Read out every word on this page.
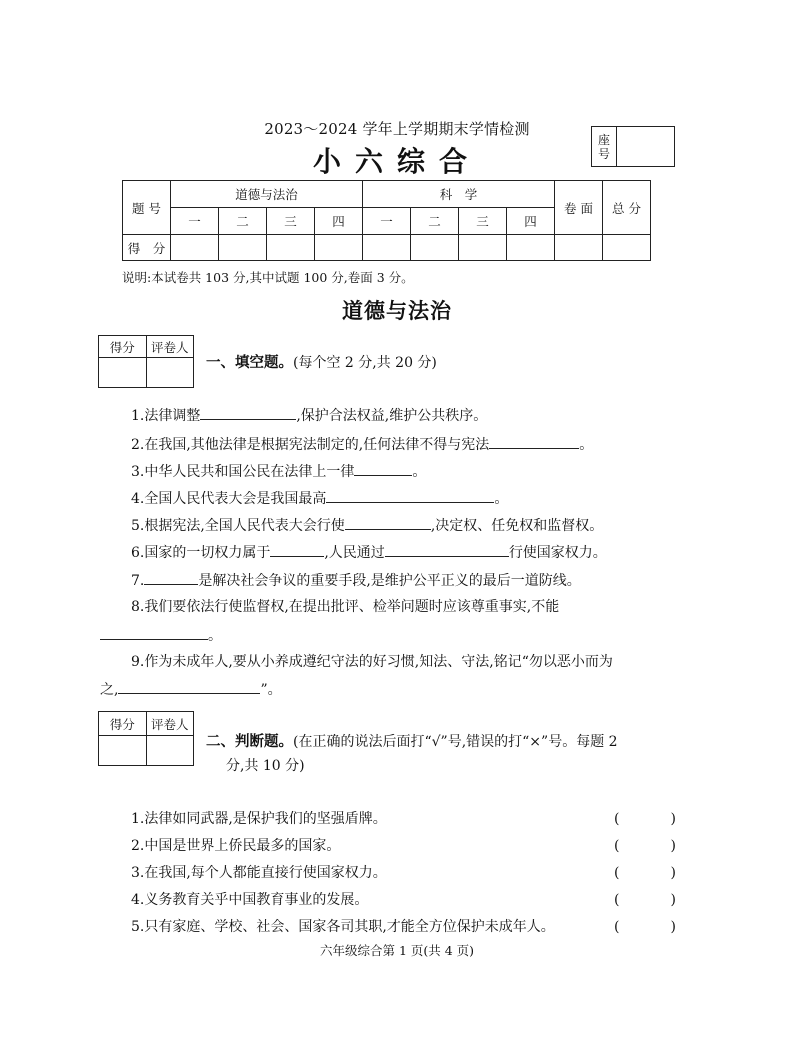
2023～2024 学年上学期期末学情检测
小六综合
座
号
题 号	道德与法治				科　学				卷 面	总 分
	一	二	三	四	一	二	三	四		
得　分										
说明:本试卷共 103 分,其中试题 100 分,卷面 3 分。
道德与法治
得分	评卷人

一、填空题。(每个空 2 分,共 20 分)
1.法律调整	,保护合法权益,维护公共秩序。
2.在我国,其他法律是根据宪法制定的,任何法律不得与宪法	。
3.中华人民共和国公民在法律上一律	。
4.全国人民代表大会是我国最高	。
5.根据宪法,全国人民代表大会行使	,决定权、任免权和监督权。
6.国家的一切权力属于	,人民通过	行使国家权力。
7.	是解决社会争议的重要手段,是维护公平正义的最后一道防线。
8.我们要依法行使监督权,在提出批评、检举问题时应该尊重事实,不能
。
9.作为未成年人,要从小养成遵纪守法的好习惯,知法、守法,铭记“勿以恶小而为
之,	”。
得分	评卷人

二、判断题。(在正确的说法后面打“√”号,错误的打“×”号。每题 2
分,共 10 分)
1.法律如同武器,是保护我们的坚强盾牌。	(	)
2.中国是世界上侨民最多的国家。	(	)
3.在我国,每个人都能直接行使国家权力。	(	)
4.义务教育关乎中国教育事业的发展。	(	)
5.只有家庭、学校、社会、国家各司其职,才能全方位保护未成年人。	(	)
六年级综合第 1 页(共 4 页)
